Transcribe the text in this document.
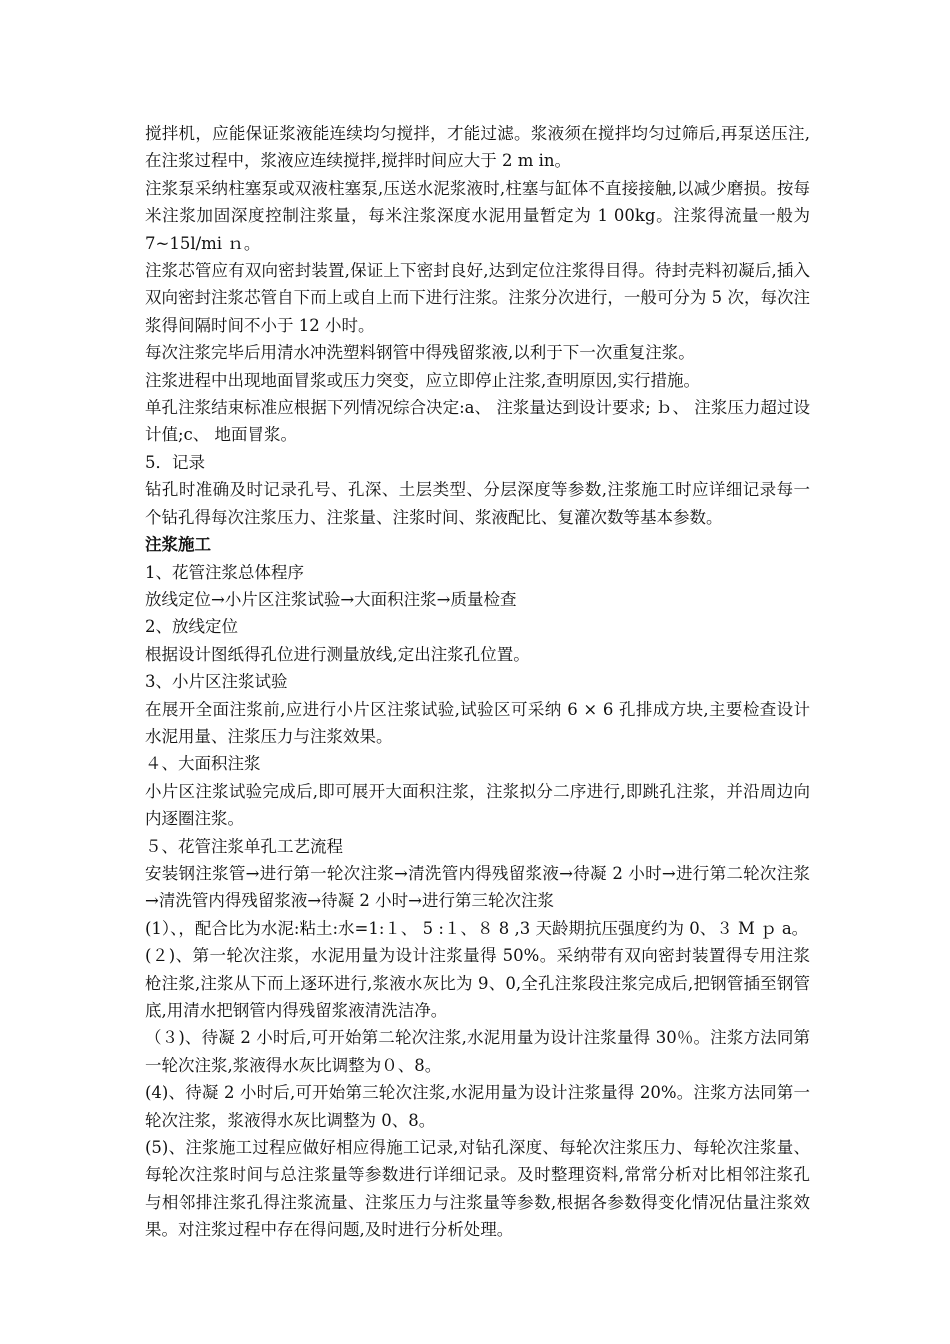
搅拌机，应能保证浆液能连续均匀搅拌，才能过滤。浆液须在搅拌均匀过筛后,再泵送压注,在注浆过程中，浆液应连续搅拌,搅拌时间应大于 2 m in。

注浆泵采纳柱塞泵或双液柱塞泵,压送水泥浆液时,柱塞与缸体不直接接触,以减少磨损。按每米注浆加固深度控制注浆量，每米注浆深度水泥用量暂定为 1 00kg。注浆得流量一般为 7~15l/mi ｎ。

注浆芯管应有双向密封装置,保证上下密封良好,达到定位注浆得目得。待封壳料初凝后,插入双向密封注浆芯管自下而上或自上而下进行注浆。注浆分次进行，一般可分为 5 次，每次注浆得间隔时间不小于 12 小时。

每次注浆完毕后用清水冲洗塑料钢管中得残留浆液,以利于下一次重复注浆。

注浆进程中出现地面冒浆或压力突变，应立即停止注浆,查明原因,实行措施。

单孔注浆结束标准应根据下列情况综合决定:a、 注浆量达到设计要求; ｂ、 注浆压力超过设计值;c、 地面冒浆。

5．记录

钻孔时准确及时记录孔号、孔深、土层类型、分层深度等参数,注浆施工时应详细记录每一个钻孔得每次注浆压力、注浆量、注浆时间、浆液配比、复灌次数等基本参数。

注浆施工

1、花管注浆总体程序

放线定位→小片区注浆试验→大面积注浆→质量检查

2、放线定位

根据设计图纸得孔位进行测量放线,定出注浆孔位置。

3、小片区注浆试验

在展开全面注浆前,应进行小片区注浆试验,试验区可采纳 6 × 6 孔排成方块,主要检查设计水泥用量、注浆压力与注浆效果。

４、大面积注浆

小片区注浆试验完成后,即可展开大面积注浆，注浆拟分二序进行,即跳孔注浆，并沿周边向内逐圈注浆。

５、花管注浆单孔工艺流程

安装钢注浆管→进行第一轮次注浆→清洗管内得残留浆液→待凝 2 小时→进行第二轮次注浆→清洗管内得残留浆液→待凝 2 小时→进行第三轮次注浆

(1）、，配合比为水泥:粘土:水=1:１、 5 :１、８ 8 ,3 天龄期抗压强度约为 0、３ M ｐ a。

(２)、第一轮次注浆，水泥用量为设计注浆量得 50%。采纳带有双向密封装置得专用注浆枪注浆,注浆从下而上逐环进行,浆液水灰比为 9、0,全孔注浆段注浆完成后,把钢管插至钢管底,用清水把钢管内得残留浆液清洗洁净。

（３)、待凝 2 小时后,可开始第二轮次注浆,水泥用量为设计注浆量得 30％。注浆方法同第一轮次注浆,浆液得水灰比调整为０、8。

(4)、待凝 2 小时后,可开始第三轮次注浆,水泥用量为设计注浆量得 20%。注浆方法同第一轮次注浆，浆液得水灰比调整为 0、8。

(5)、注浆施工过程应做好相应得施工记录,对钻孔深度、每轮次注浆压力、每轮次注浆量、每轮次注浆时间与总注浆量等参数进行详细记录。及时整理资料,常常分析对比相邻注浆孔与相邻排注浆孔得注浆流量、注浆压力与注浆量等参数,根据各参数得变化情况估量注浆效果。对注浆过程中存在得问题,及时进行分析处理。
